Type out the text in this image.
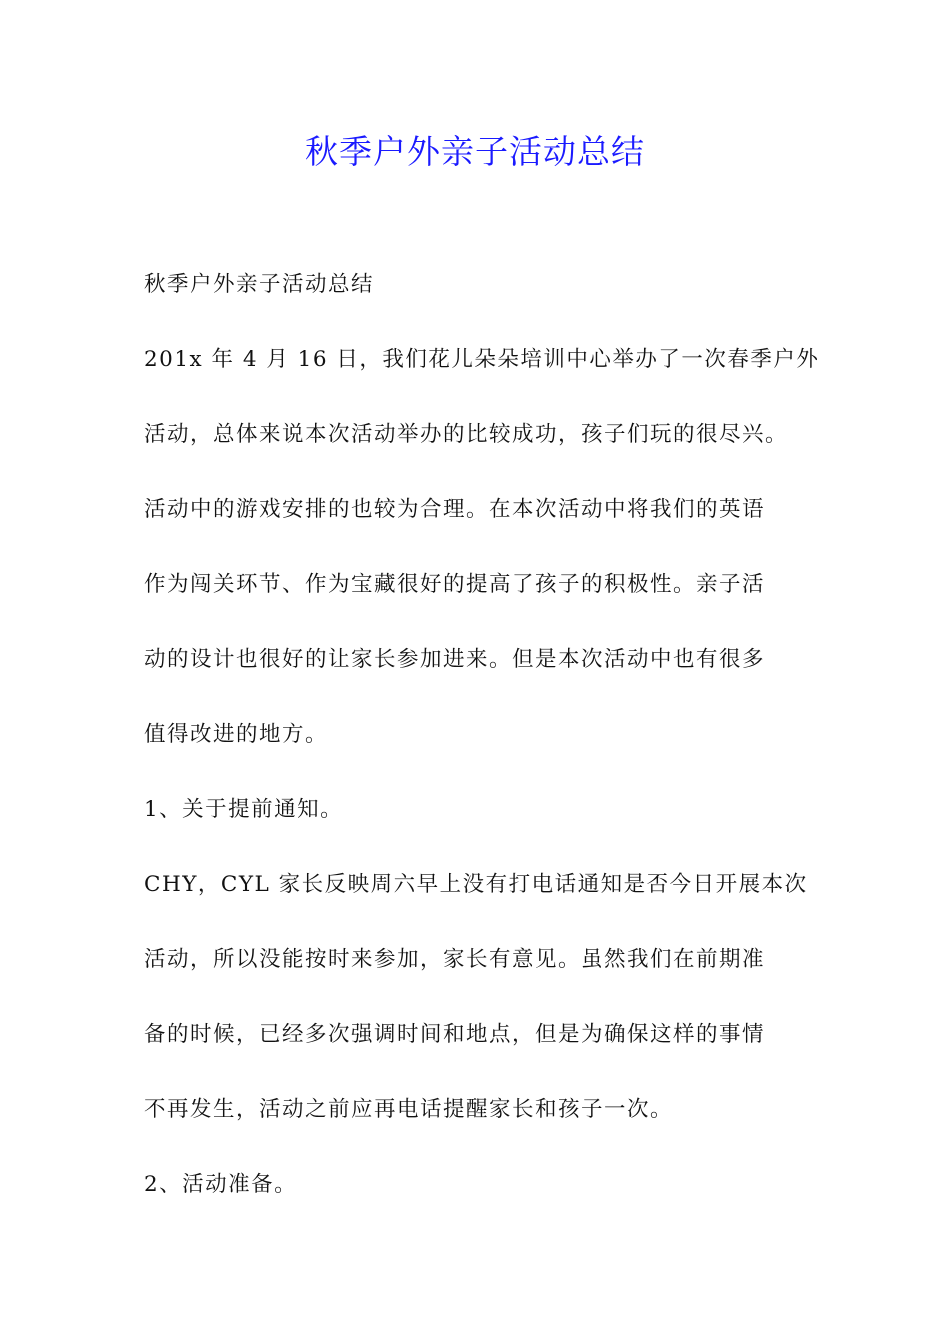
秋季户外亲子活动总结
秋季户外亲子活动总结
201x 年 4 月 16 日，我们花儿朵朵培训中心举办了一次春季户外
活动，总体来说本次活动举办的比较成功，孩子们玩的很尽兴。
活动中的游戏安排的也较为合理。在本次活动中将我们的英语
作为闯关环节、作为宝藏很好的提高了孩子的积极性。亲子活
动的设计也很好的让家长参加进来。但是本次活动中也有很多
值得改进的地方。
1、关于提前通知。
CHY，CYL 家长反映周六早上没有打电话通知是否今日开展本次
活动，所以没能按时来参加，家长有意见。虽然我们在前期准
备的时候，已经多次强调时间和地点，但是为确保这样的事情
不再发生，活动之前应再电话提醒家长和孩子一次。
2、活动准备。
